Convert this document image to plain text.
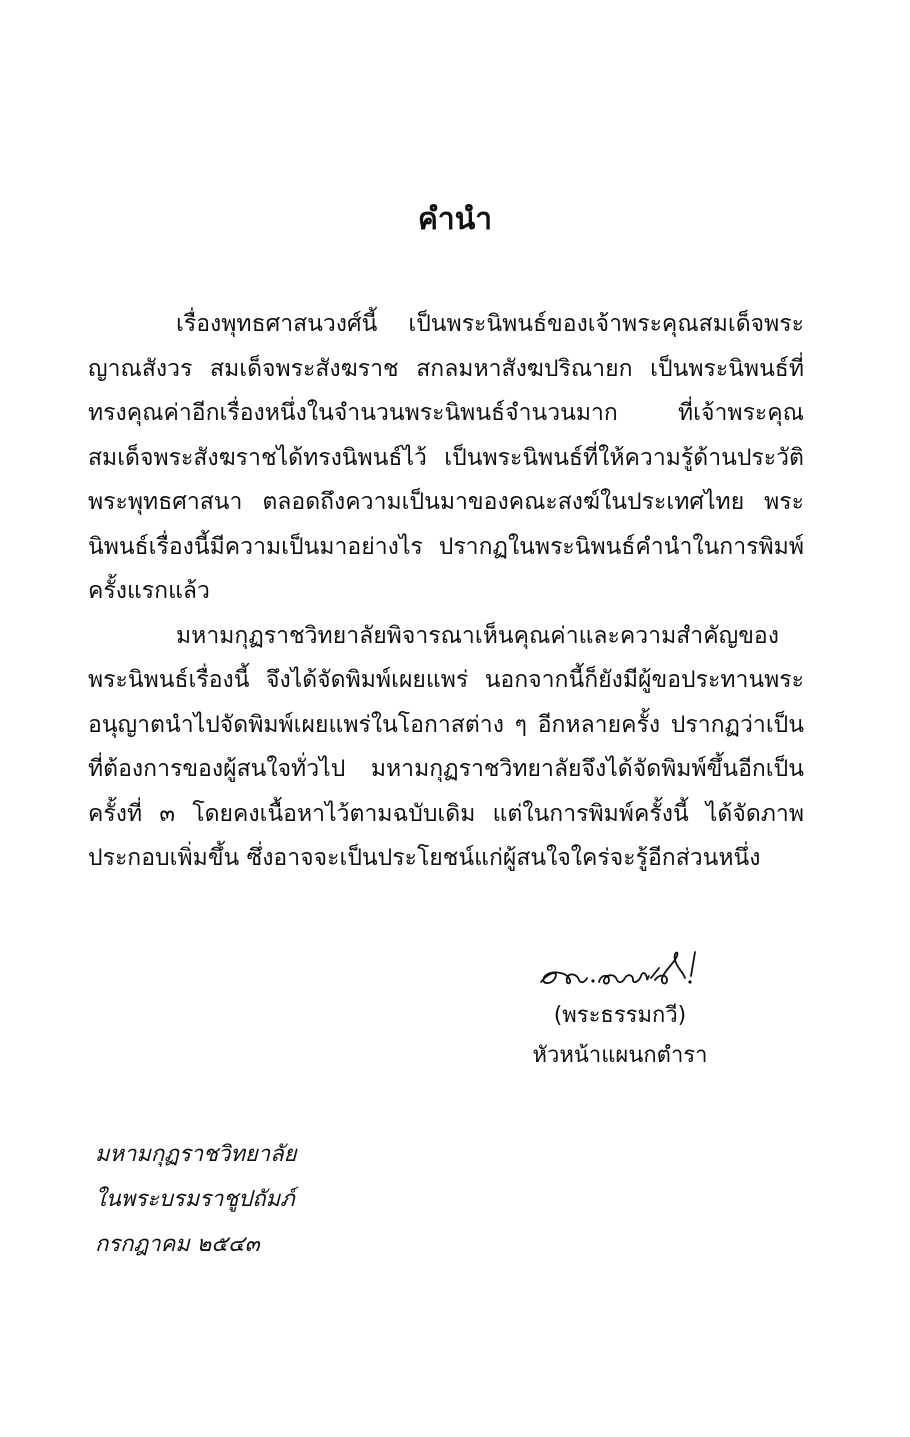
คำนำ

เรื่องพุทธศาสนวงศ์นี้ เป็นพระนิพนธ์ของเจ้าพระคุณสมเด็จพระญาณสังวร สมเด็จพระสังฆราช สกลมหาสังฆปริณายก เป็นพระนิพนธ์ที่ทรงคุณค่าอีกเรื่องหนึ่งในจำนวนพระนิพนธ์จำนวนมาก ที่เจ้าพระคุณสมเด็จพระสังฆราชได้ทรงนิพนธ์ไว้ เป็นพระนิพนธ์ที่ให้ความรู้ด้านประวัติพระพุทธศาสนา ตลอดถึงความเป็นมาของคณะสงฆ์ในประเทศไทย พระนิพนธ์เรื่องนี้มีความเป็นมาอย่างไร ปรากฏในพระนิพนธ์คำนำในการพิมพ์ครั้งแรกแล้ว

มหามกุฏราชวิทยาลัยพิจารณาเห็นคุณค่าและความสำคัญของพระนิพนธ์เรื่องนี้ จึงได้จัดพิมพ์เผยแพร่ นอกจากนี้ก็ยังมีผู้ขอประทานพระอนุญาตนำไปจัดพิมพ์เผยแพร่ในโอกาสต่าง ๆ อีกหลายครั้ง ปรากฏว่าเป็นที่ต้องการของผู้สนใจทั่วไป มหามกุฏราชวิทยาลัยจึงได้จัดพิมพ์ขึ้นอีกเป็นครั้งที่ ๓ โดยคงเนื้อหาไว้ตามฉบับเดิม แต่ในการพิมพ์ครั้งนี้ ได้จัดภาพประกอบเพิ่มขึ้น ซึ่งอาจจะเป็นประโยชน์แก่ผู้สนใจใคร่จะรู้อีกส่วนหนึ่ง

(พระธรรมกวี)
หัวหน้าแผนกตำรา
มหามกุฏราชวิทยาลัย
ในพระบรมราชูปถัมภ์
กรกฎาคม ๒๕๔๓
